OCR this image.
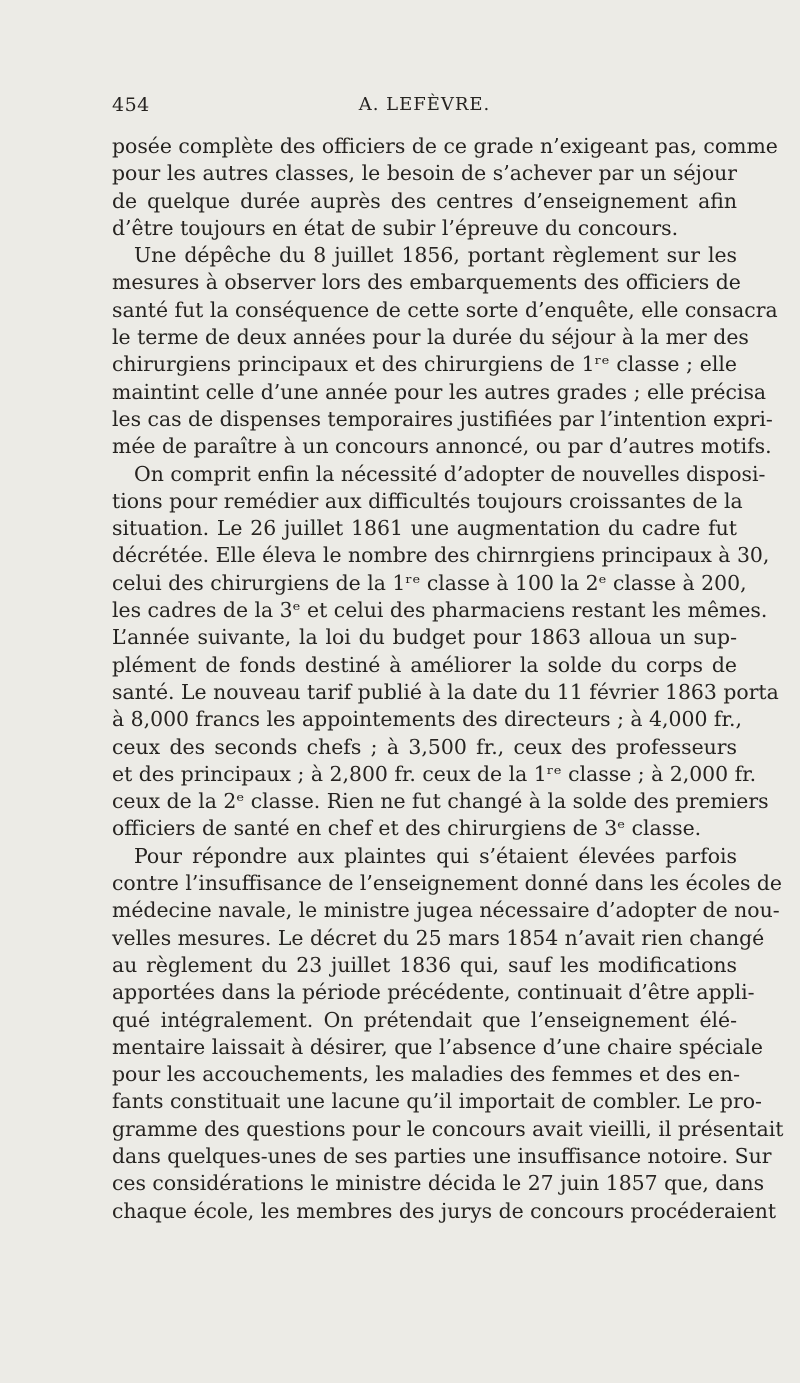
454	A. LEFÈVRE.
posée complète des officiers de ce grade n’exigeant pas, comme
pour les autres classes, le besoin de s’achever par un séjour
de quelque durée auprès des centres d’enseignement afin
d’être toujours en état de subir l’épreuve du concours.
Une dépêche du 8 juillet 1856, portant règlement sur les
mesures à observer lors des embarquements des officiers de
santé fut la conséquence de cette sorte d’enquête, elle consacra
le terme de deux années pour la durée du séjour à la mer des
chirurgiens principaux et des chirurgiens de 1ʳᵉ classe ; elle
maintint celle d’une année pour les autres grades ; elle précisa
les cas de dispenses temporaires justifiées par l’intention expri-
mée de paraître à un concours annoncé, ou par d’autres motifs.
On comprit enfin la nécessité d’adopter de nouvelles disposi-
tions pour remédier aux difficultés toujours croissantes de la
situation. Le 26 juillet 1861 une augmentation du cadre fut
décrétée. Elle éleva le nombre des chirnrgiens principaux à 30,
celui des chirurgiens de la 1ʳᵉ classe à 100 la 2ᵉ classe à 200,
les cadres de la 3ᵉ et celui des pharmaciens restant les mêmes.
L’année suivante, la loi du budget pour 1863 alloua un sup-
plément de fonds destiné à améliorer la solde du corps de
santé. Le nouveau tarif publié à la date du 11 février 1863 porta
à 8,000 francs les appointements des directeurs ; à 4,000 fr.,
ceux des seconds chefs ; à 3,500 fr., ceux des professeurs
et des principaux ; à 2,800 fr. ceux de la 1ʳᵉ classe ; à 2,000 fr.
ceux de la 2ᵉ classe. Rien ne fut changé à la solde des premiers
officiers de santé en chef et des chirurgiens de 3ᵉ classe.
Pour répondre aux plaintes qui s’étaient élevées parfois
contre l’insuffisance de l’enseignement donné dans les écoles de
médecine navale, le ministre jugea nécessaire d’adopter de nou-
velles mesures. Le décret du 25 mars 1854 n’avait rien changé
au règlement du 23 juillet 1836 qui, sauf les modifications
apportées dans la période précédente, continuait d’être appli-
qué intégralement. On prétendait que l’enseignement élé-
mentaire laissait à désirer, que l’absence d’une chaire spéciale
pour les accouchements, les maladies des femmes et des en-
fants constituait une lacune qu’il importait de combler. Le pro-
gramme des questions pour le concours avait vieilli, il présentait
dans quelques-unes de ses parties une insuffisance notoire. Sur
ces considérations le ministre décida le 27 juin 1857 que, dans
chaque école, les membres des jurys de concours procéderaient
